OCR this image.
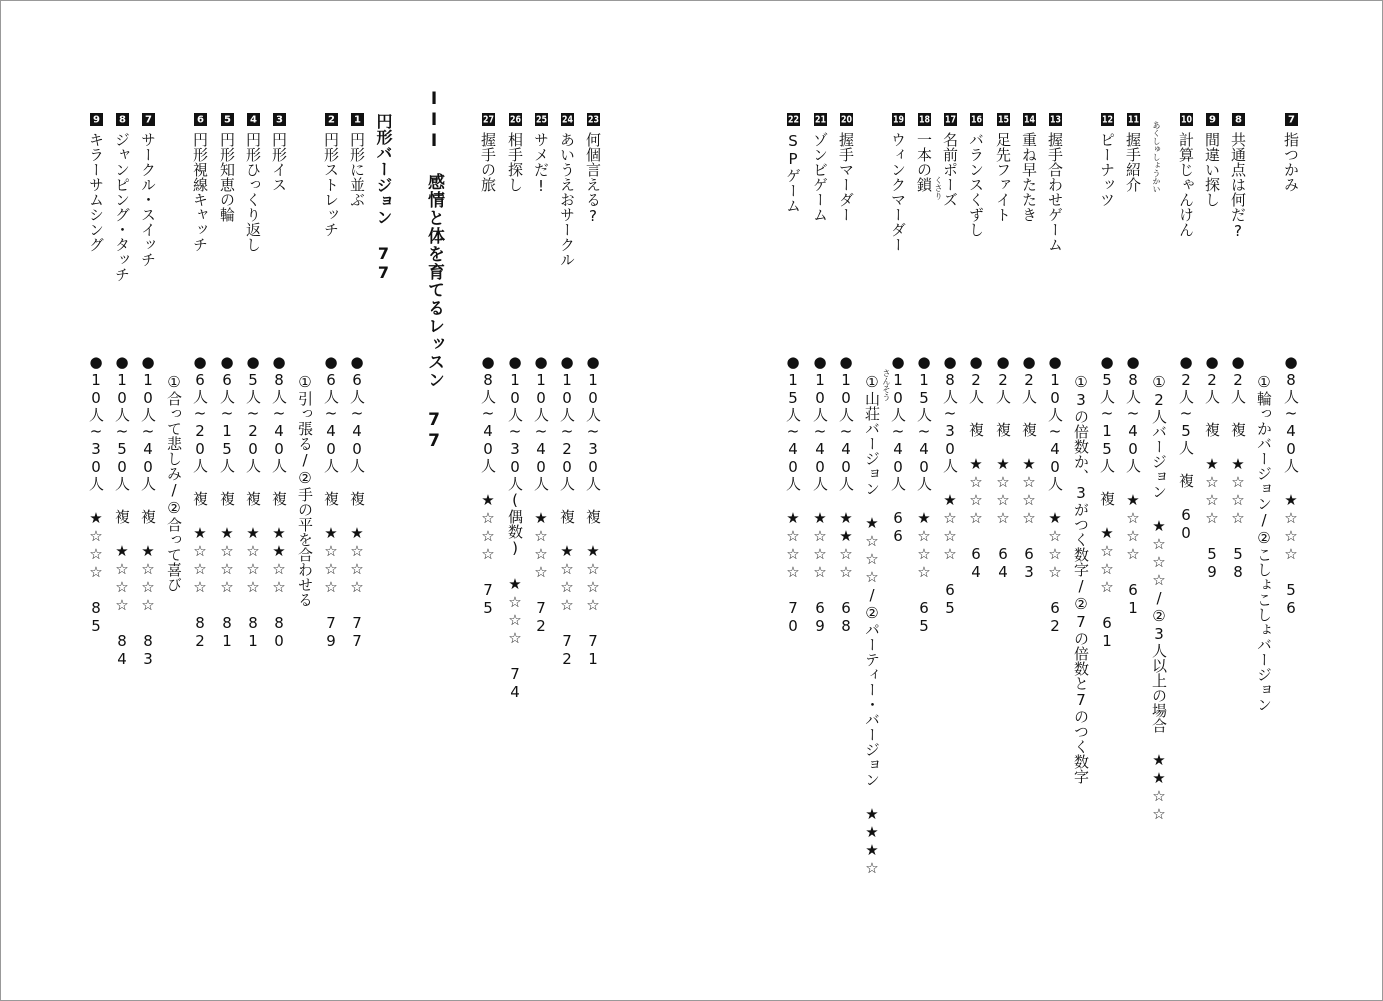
7指つかみ
●8人~40人 ★☆☆☆ 56
①輪っかバージョン/②こしょこしょバージョン
8共通点は何だ?
●2人 複 ★☆☆☆ 58
9間違い探し
●2人 複 ★☆☆☆ 59
10計算じゃんけん
●2人~5人 複 60
11握手紹介
●8人~40人 ★☆☆☆ 61 ①2人バージョン ★☆☆☆/②3人以上の場合 ★★☆☆
12ピーナッツ
●5人~15人 複 ★☆☆☆ 61
13握手合わせゲーム
●10人~40人 ★☆☆☆ 62 ①3の倍数か、3がつく数字/②7の倍数と7のつく数字
14重ね早たたき
●2人 複 ★☆☆☆ 63
15足先ファイト
●2人 複 ★☆☆☆ 64
16バランスくずし
●2人 複 ★☆☆☆ 64
17名前ポーズ
●8人~30人 ★☆☆☆ 65
18一本の鎖
●15人~40人 ★☆☆☆ 65
19ウィンクマーダー
●10人~40人 66
①山荘バージョン ★☆☆☆/②パーティー・バージョン ★★★☆
20握手マーダー
●10人~40人 ★★☆☆ 68
21ゾンビゲーム
●10人~40人 ★☆☆☆ 69
22SPゲーム
●15人~40人 ★☆☆☆ 70
あくしゅしょうかい
さんそう
くさり
23何個言える?
●10人~30人 複 ★☆☆☆ 71
24あいうえおサークル
●10人~20人 複 ★☆☆☆ 72
25サメだ!
●10人~40人 ★☆☆☆ 72
26相手探し
●10人~30人(偶数) ★☆☆☆ 74
27握手の旅
●8人~40人 ★☆☆☆ 75
III 感情と体を育てるレッスン 77
円形バージョン 77
1円形に並ぶ
●6人~40人 複 ★☆☆☆ 77
2円形ストレッチ
●6人~40人 複 ★☆☆☆ 79
①引っ張る/②手の平を合わせる
3円形イス
●8人~40人 複 ★★☆☆ 80
4円形ひっくり返し
●5人~20人 複 ★☆☆☆ 81
5円形知恵の輪
●6人~15人 複 ★☆☆☆ 81
6円形視線キャッチ
●6人~20人 複 ★☆☆☆ 82
①合って悲しみ/②合って喜び
7サークル・スイッチ
●10人~40人 複 ★☆☆☆ 83
8ジャンピング・タッチ
●10人~50人 複 ★☆☆☆ 84
9キラーサムシング
●10人~30人 ★☆☆☆ 85
